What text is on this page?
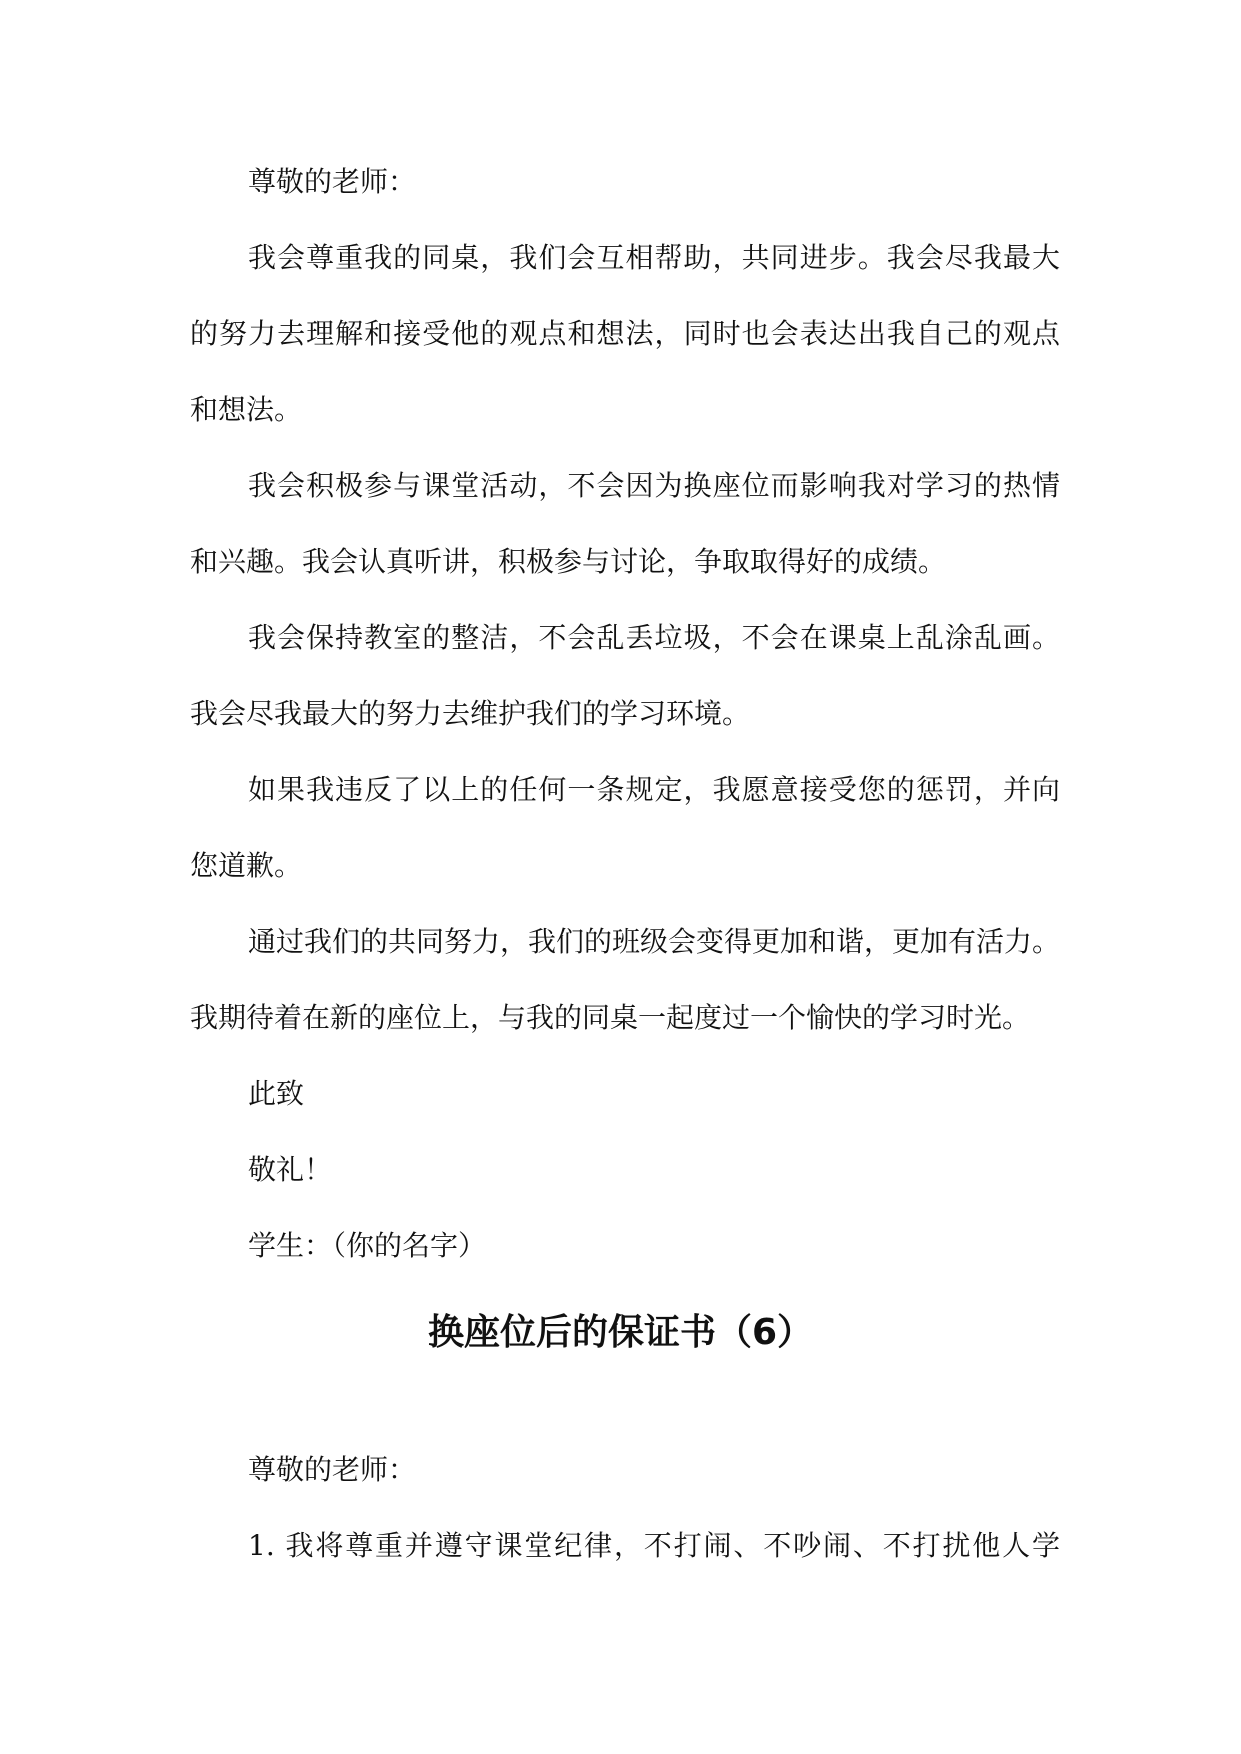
尊敬的老师：
我会尊重我的同桌，我们会互相帮助，共同进步。我会尽我最大
的努力去理解和接受他的观点和想法，同时也会表达出我自己的观点
和想法。
我会积极参与课堂活动，不会因为换座位而影响我对学习的热情
和兴趣。我会认真听讲，积极参与讨论，争取取得好的成绩。
我会保持教室的整洁，不会乱丢垃圾，不会在课桌上乱涂乱画。
我会尽我最大的努力去维护我们的学习环境。
如果我违反了以上的任何一条规定，我愿意接受您的惩罚，并向
您道歉。
通过我们的共同努力，我们的班级会变得更加和谐，更加有活力。
我期待着在新的座位上，与我的同桌一起度过一个愉快的学习时光。
此致
敬礼！
学生：（你的名字）
换座位后的保证书（6）
尊敬的老师：
1. 我将尊重并遵守课堂纪律，不打闹、不吵闹、不打扰他人学
